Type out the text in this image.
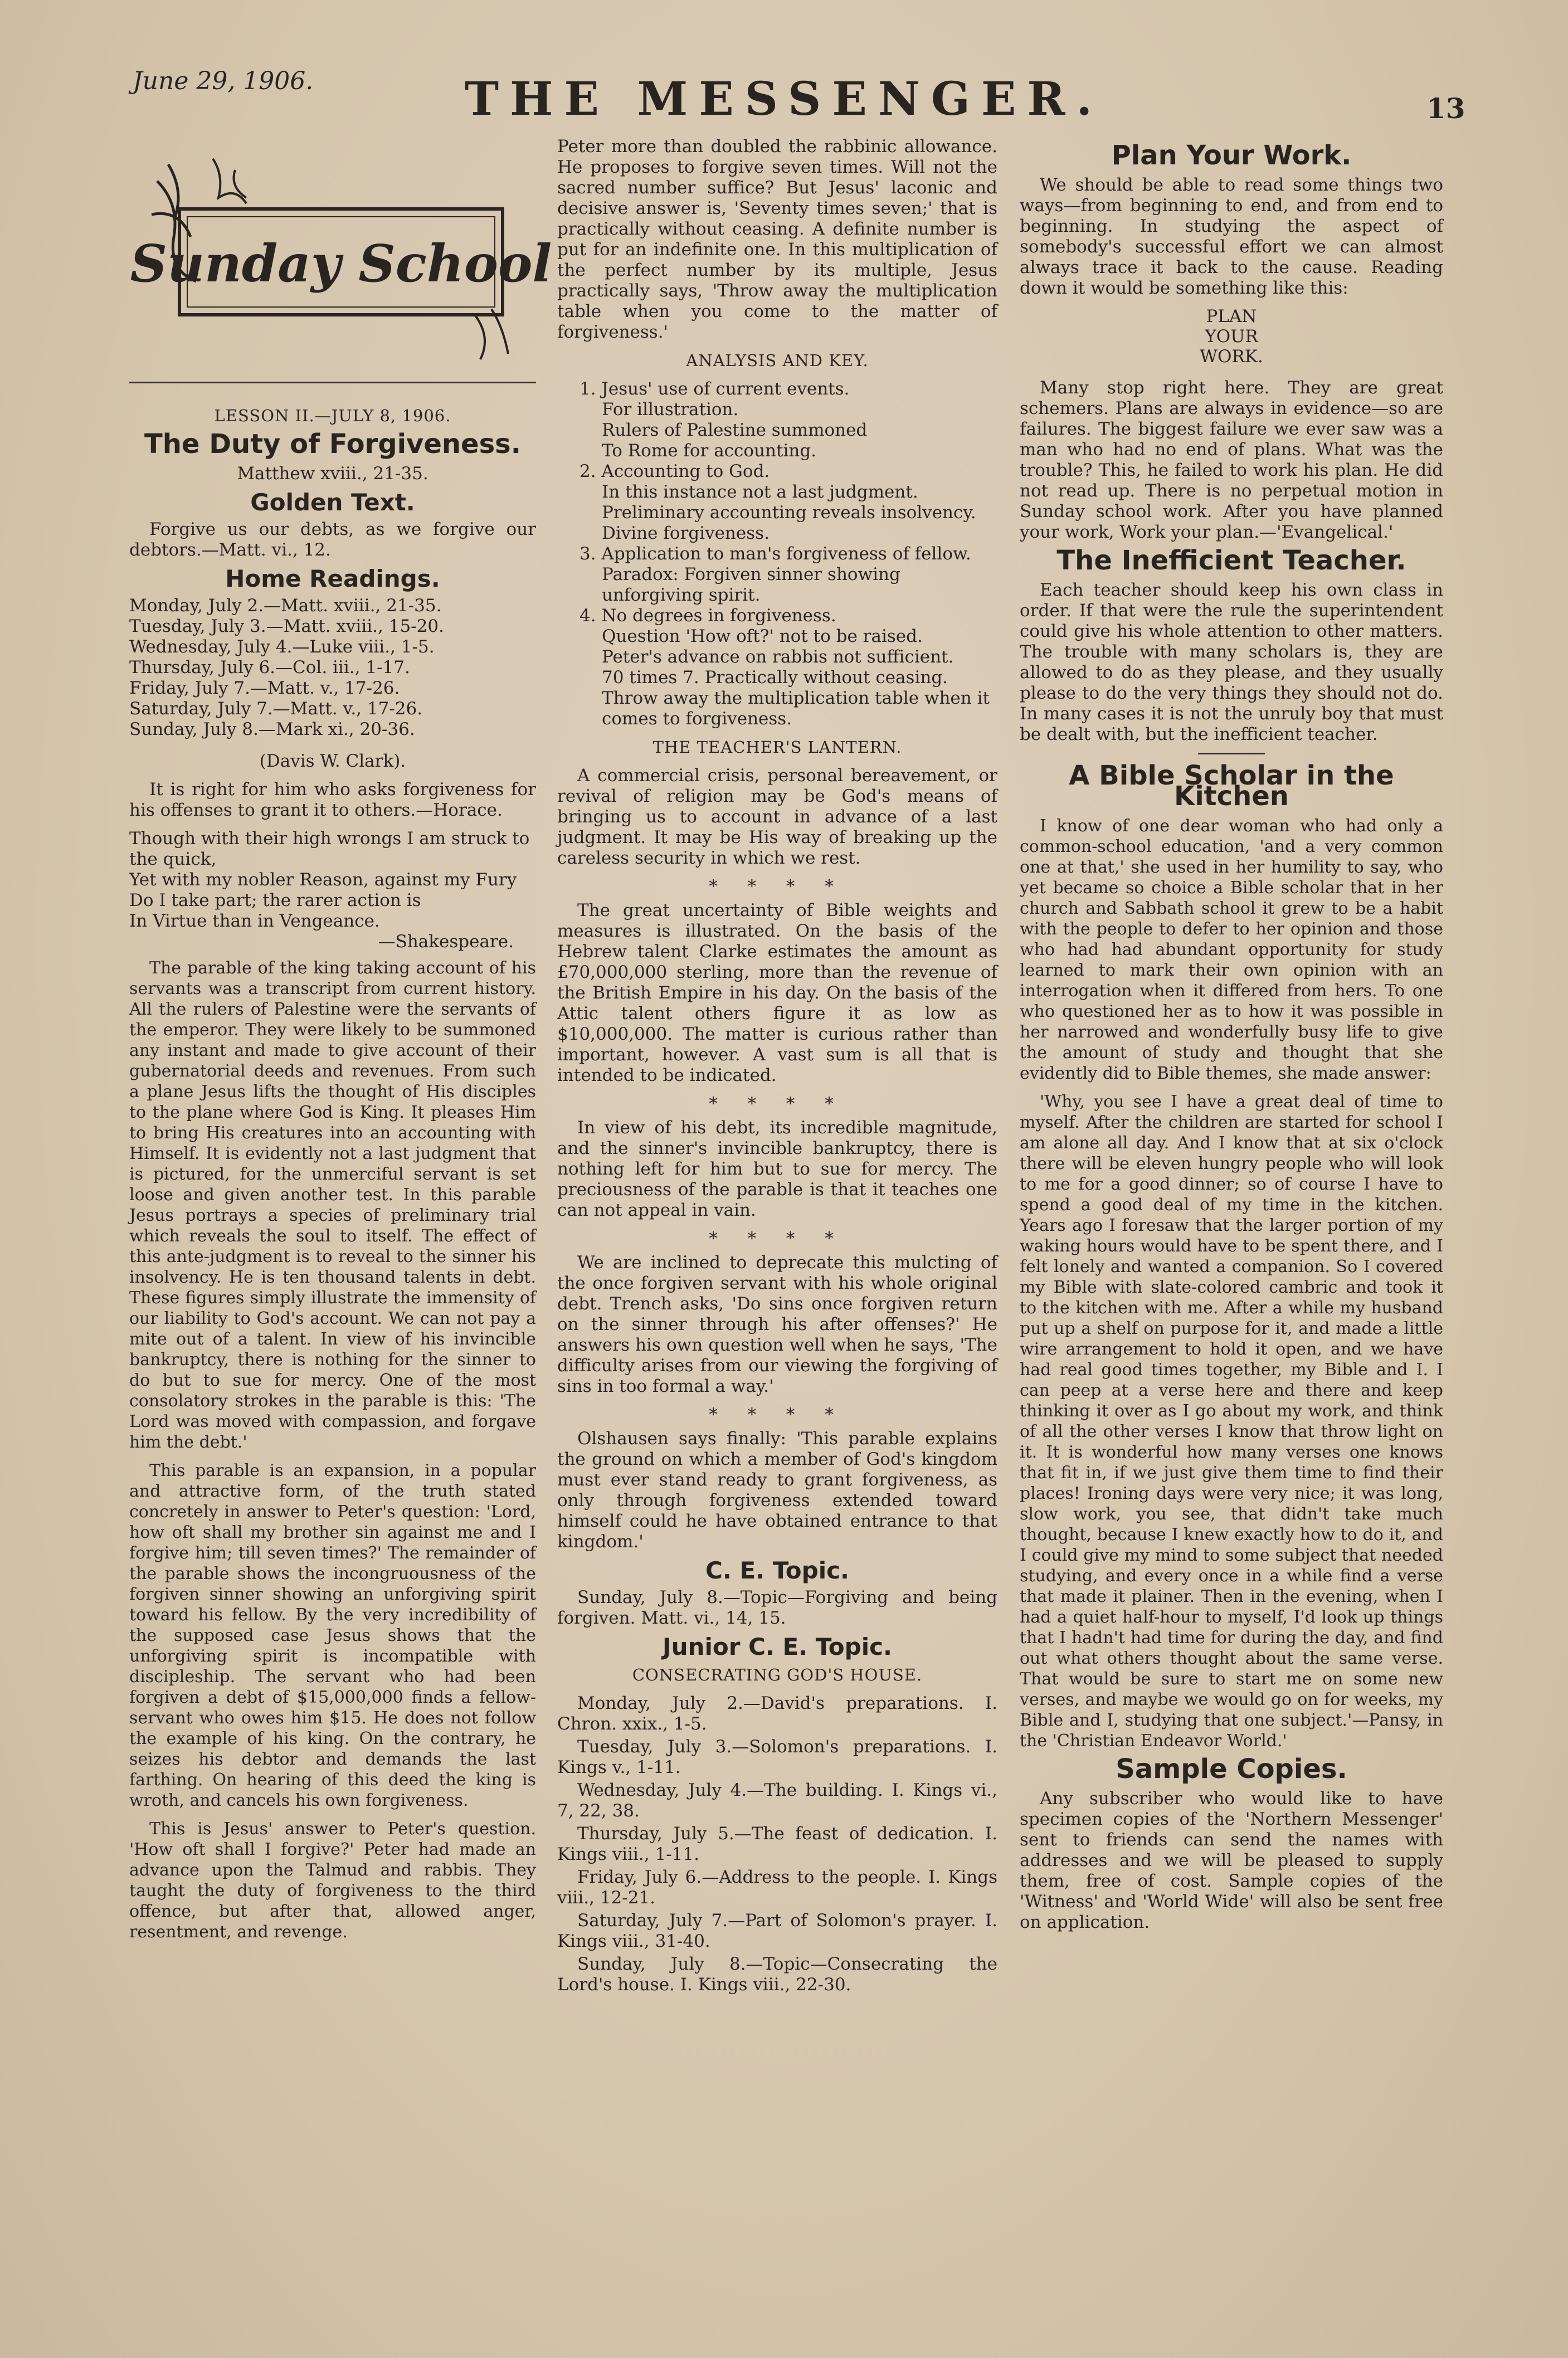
June 29, 1906.	THE MESSENGER.	13
Sunday School
LESSON II.—JULY 8, 1906.
The Duty of Forgiveness.

Matthew xviii., 21-35.

Golden Text.

Forgive us our debts, as we forgive our debtors.—Matt. vi., 12.

Home Readings.
Monday, July 2.—Matt. xviii., 21-35.
Tuesday, July 3.—Matt. xviii., 15-20.
Wednesday, July 4.—Luke viii., 1-5.
Thursday, July 6.—Col. iii., 1-17.
Friday, July 7.—Matt. v., 17-26.
Saturday, July 7.—Matt. v., 17-26.
Sunday, July 8.—Mark xi., 20-36.

(Davis W. Clark).

It is right for him who asks forgiveness for his offenses to grant it to others.—Horace.

Though with their high wrongs I am struck to the quick,
Yet with my nobler Reason, against my Fury
Do I take part; the rarer action is
In Virtue than in Vengeance.
—Shakespeare.

The parable of the king taking account of his servants was a transcript from current history. All the rulers of Palestine were the servants of the emperor. They were likely to be summoned any instant and made to give account of their gubernatorial deeds and revenues. From such a plane Jesus lifts the thought of His disciples to the plane where God is King. It pleases Him to bring His creatures into an accounting with Himself. It is evidently not a last judgment that is pictured, for the unmerciful servant is set loose and given another test. In this parable Jesus portrays a species of preliminary trial which reveals the soul to itself. The effect of this ante-judgment is to reveal to the sinner his insolvency. He is ten thousand talents in debt. These figures simply illustrate the immensity of our liability to God's account. We can not pay a mite out of a talent. In view of his invincible bankruptcy, there is nothing for the sinner to do but to sue for mercy. One of the most consolatory strokes in the parable is this: 'The Lord was moved with compassion, and forgave him the debt.'

This parable is an expansion, in a popular and attractive form, of the truth stated concretely in answer to Peter's question: 'Lord, how oft shall my brother sin against me and I forgive him; till seven times?' The remainder of the parable shows the incongruousness of the forgiven sinner showing an unforgiving spirit toward his fellow. By the very incredibility of the supposed case Jesus shows that the unforgiving spirit is incompatible with discipleship. The servant who had been forgiven a debt of $15,000,000 finds a fellow-servant who owes him $15. He does not follow the example of his king. On the contrary, he seizes his debtor and demands the last farthing. On hearing of this deed the king is wroth, and cancels his own forgiveness.

This is Jesus' answer to Peter's question. 'How oft shall I forgive?' Peter had made an advance upon the Talmud and rabbis. They taught the duty of forgiveness to the third offence, but after that, allowed anger, resentment, and revenge.

Peter more than doubled the rabbinic allowance. He proposes to forgive seven times. Will not the sacred number suffice? But Jesus' laconic and decisive answer is, 'Seventy times seven;' that is practically without ceasing. A definite number is put for an indefinite one. In this multiplication of the perfect number by its multiple, Jesus practically says, 'Throw away the multiplication table when you come to the matter of forgiveness.'

ANALYSIS AND KEY.
1. Jesus' use of current events.
For illustration.
Rulers of Palestine summoned
To Rome for accounting.
2. Accounting to God.
In this instance not a last judgment.
Preliminary accounting reveals insolvency.
Divine forgiveness.
3. Application to man's forgiveness of fellow.
Paradox: Forgiven sinner showing unforgiving spirit.
4. No degrees in forgiveness.
Question 'How oft?' not to be raised.
Peter's advance on rabbis not sufficient.
70 times 7. Practically without ceasing.
Throw away the multiplication table when it comes to forgiveness.
THE TEACHER'S LANTERN.

A commercial crisis, personal bereavement, or revival of religion may be God's means of bringing us to account in advance of a last judgment. It may be His way of breaking up the careless security in which we rest.

* * * *

The great uncertainty of Bible weights and measures is illustrated. On the basis of the Hebrew talent Clarke estimates the amount as £70,000,000 sterling, more than the revenue of the British Empire in his day. On the basis of the Attic talent others figure it as low as $10,000,000. The matter is curious rather than important, however. A vast sum is all that is intended to be indicated.

* * * *

In view of his debt, its incredible magnitude, and the sinner's invincible bankruptcy, there is nothing left for him but to sue for mercy. The preciousness of the parable is that it teaches one can not appeal in vain.

* * * *

We are inclined to deprecate this mulcting of the once forgiven servant with his whole original debt. Trench asks, 'Do sins once forgiven return on the sinner through his after offenses?' He answers his own question well when he says, 'The difficulty arises from our viewing the forgiving of sins in too formal a way.'

* * * *

Olshausen says finally: 'This parable explains the ground on which a member of God's kingdom must ever stand ready to grant forgiveness, as only through forgiveness extended toward himself could he have obtained entrance to that kingdom.'

C. E. Topic.

Sunday, July 8.—Topic—Forgiving and being forgiven. Matt. vi., 14, 15.

Junior C. E. Topic.
CONSECRATING GOD'S HOUSE.

Monday, July 2.—David's preparations. I. Chron. xxix., 1-5.

Tuesday, July 3.—Solomon's preparations. I. Kings v., 1-11.

Wednesday, July 4.—The building. I. Kings vi., 7, 22, 38.

Thursday, July 5.—The feast of dedication. I. Kings viii., 1-11.

Friday, July 6.—Address to the people. I. Kings viii., 12-21.

Saturday, July 7.—Part of Solomon's prayer. I. Kings viii., 31-40.

Sunday, July 8.—Topic—Consecrating the Lord's house. I. Kings viii., 22-30.

Plan Your Work.

We should be able to read some things two ways—from beginning to end, and from end to beginning. In studying the aspect of somebody's successful effort we can almost always trace it back to the cause. Reading down it would be something like this:

PLAN
YOUR
WORK.

Many stop right here. They are great schemers. Plans are always in evidence—so are failures. The biggest failure we ever saw was a man who had no end of plans. What was the trouble? This, he failed to work his plan. He did not read up. There is no perpetual motion in Sunday school work. After you have planned your work, Work your plan.—'Evangelical.'

The Inefficient Teacher.

Each teacher should keep his own class in order. If that were the rule the superintendent could give his whole attention to other matters. The trouble with many scholars is, they are allowed to do as they please, and they usually please to do the very things they should not do. In many cases it is not the unruly boy that must be dealt with, but the inefficient teacher.

A Bible Scholar in the Kitchen

I know of one dear woman who had only a common-school education, 'and a very common one at that,' she used in her humility to say, who yet became so choice a Bible scholar that in her church and Sabbath school it grew to be a habit with the people to defer to her opinion and those who had had abundant opportunity for study learned to mark their own opinion with an interrogation when it differed from hers. To one who questioned her as to how it was possible in her narrowed and wonderfully busy life to give the amount of study and thought that she evidently did to Bible themes, she made answer:

'Why, you see I have a great deal of time to myself. After the children are started for school I am alone all day. And I know that at six o'clock there will be eleven hungry people who will look to me for a good dinner; so of course I have to spend a good deal of my time in the kitchen. Years ago I foresaw that the larger portion of my waking hours would have to be spent there, and I felt lonely and wanted a companion. So I covered my Bible with slate-colored cambric and took it to the kitchen with me. After a while my husband put up a shelf on purpose for it, and made a little wire arrangement to hold it open, and we have had real good times together, my Bible and I. I can peep at a verse here and there and keep thinking it over as I go about my work, and think of all the other verses I know that throw light on it. It is wonderful how many verses one knows that fit in, if we just give them time to find their places! Ironing days were very nice; it was long, slow work, you see, that didn't take much thought, because I knew exactly how to do it, and I could give my mind to some subject that needed studying, and every once in a while find a verse that made it plainer. Then in the evening, when I had a quiet half-hour to myself, I'd look up things that I hadn't had time for during the day, and find out what others thought about the same verse. That would be sure to start me on some new verses, and maybe we would go on for weeks, my Bible and I, studying that one subject.'—Pansy, in the 'Christian Endeavor World.'

Sample Copies.

Any subscriber who would like to have specimen copies of the 'Northern Messenger' sent to friends can send the names with addresses and we will be pleased to supply them, free of cost. Sample copies of the 'Witness' and 'World Wide' will also be sent free on application.
